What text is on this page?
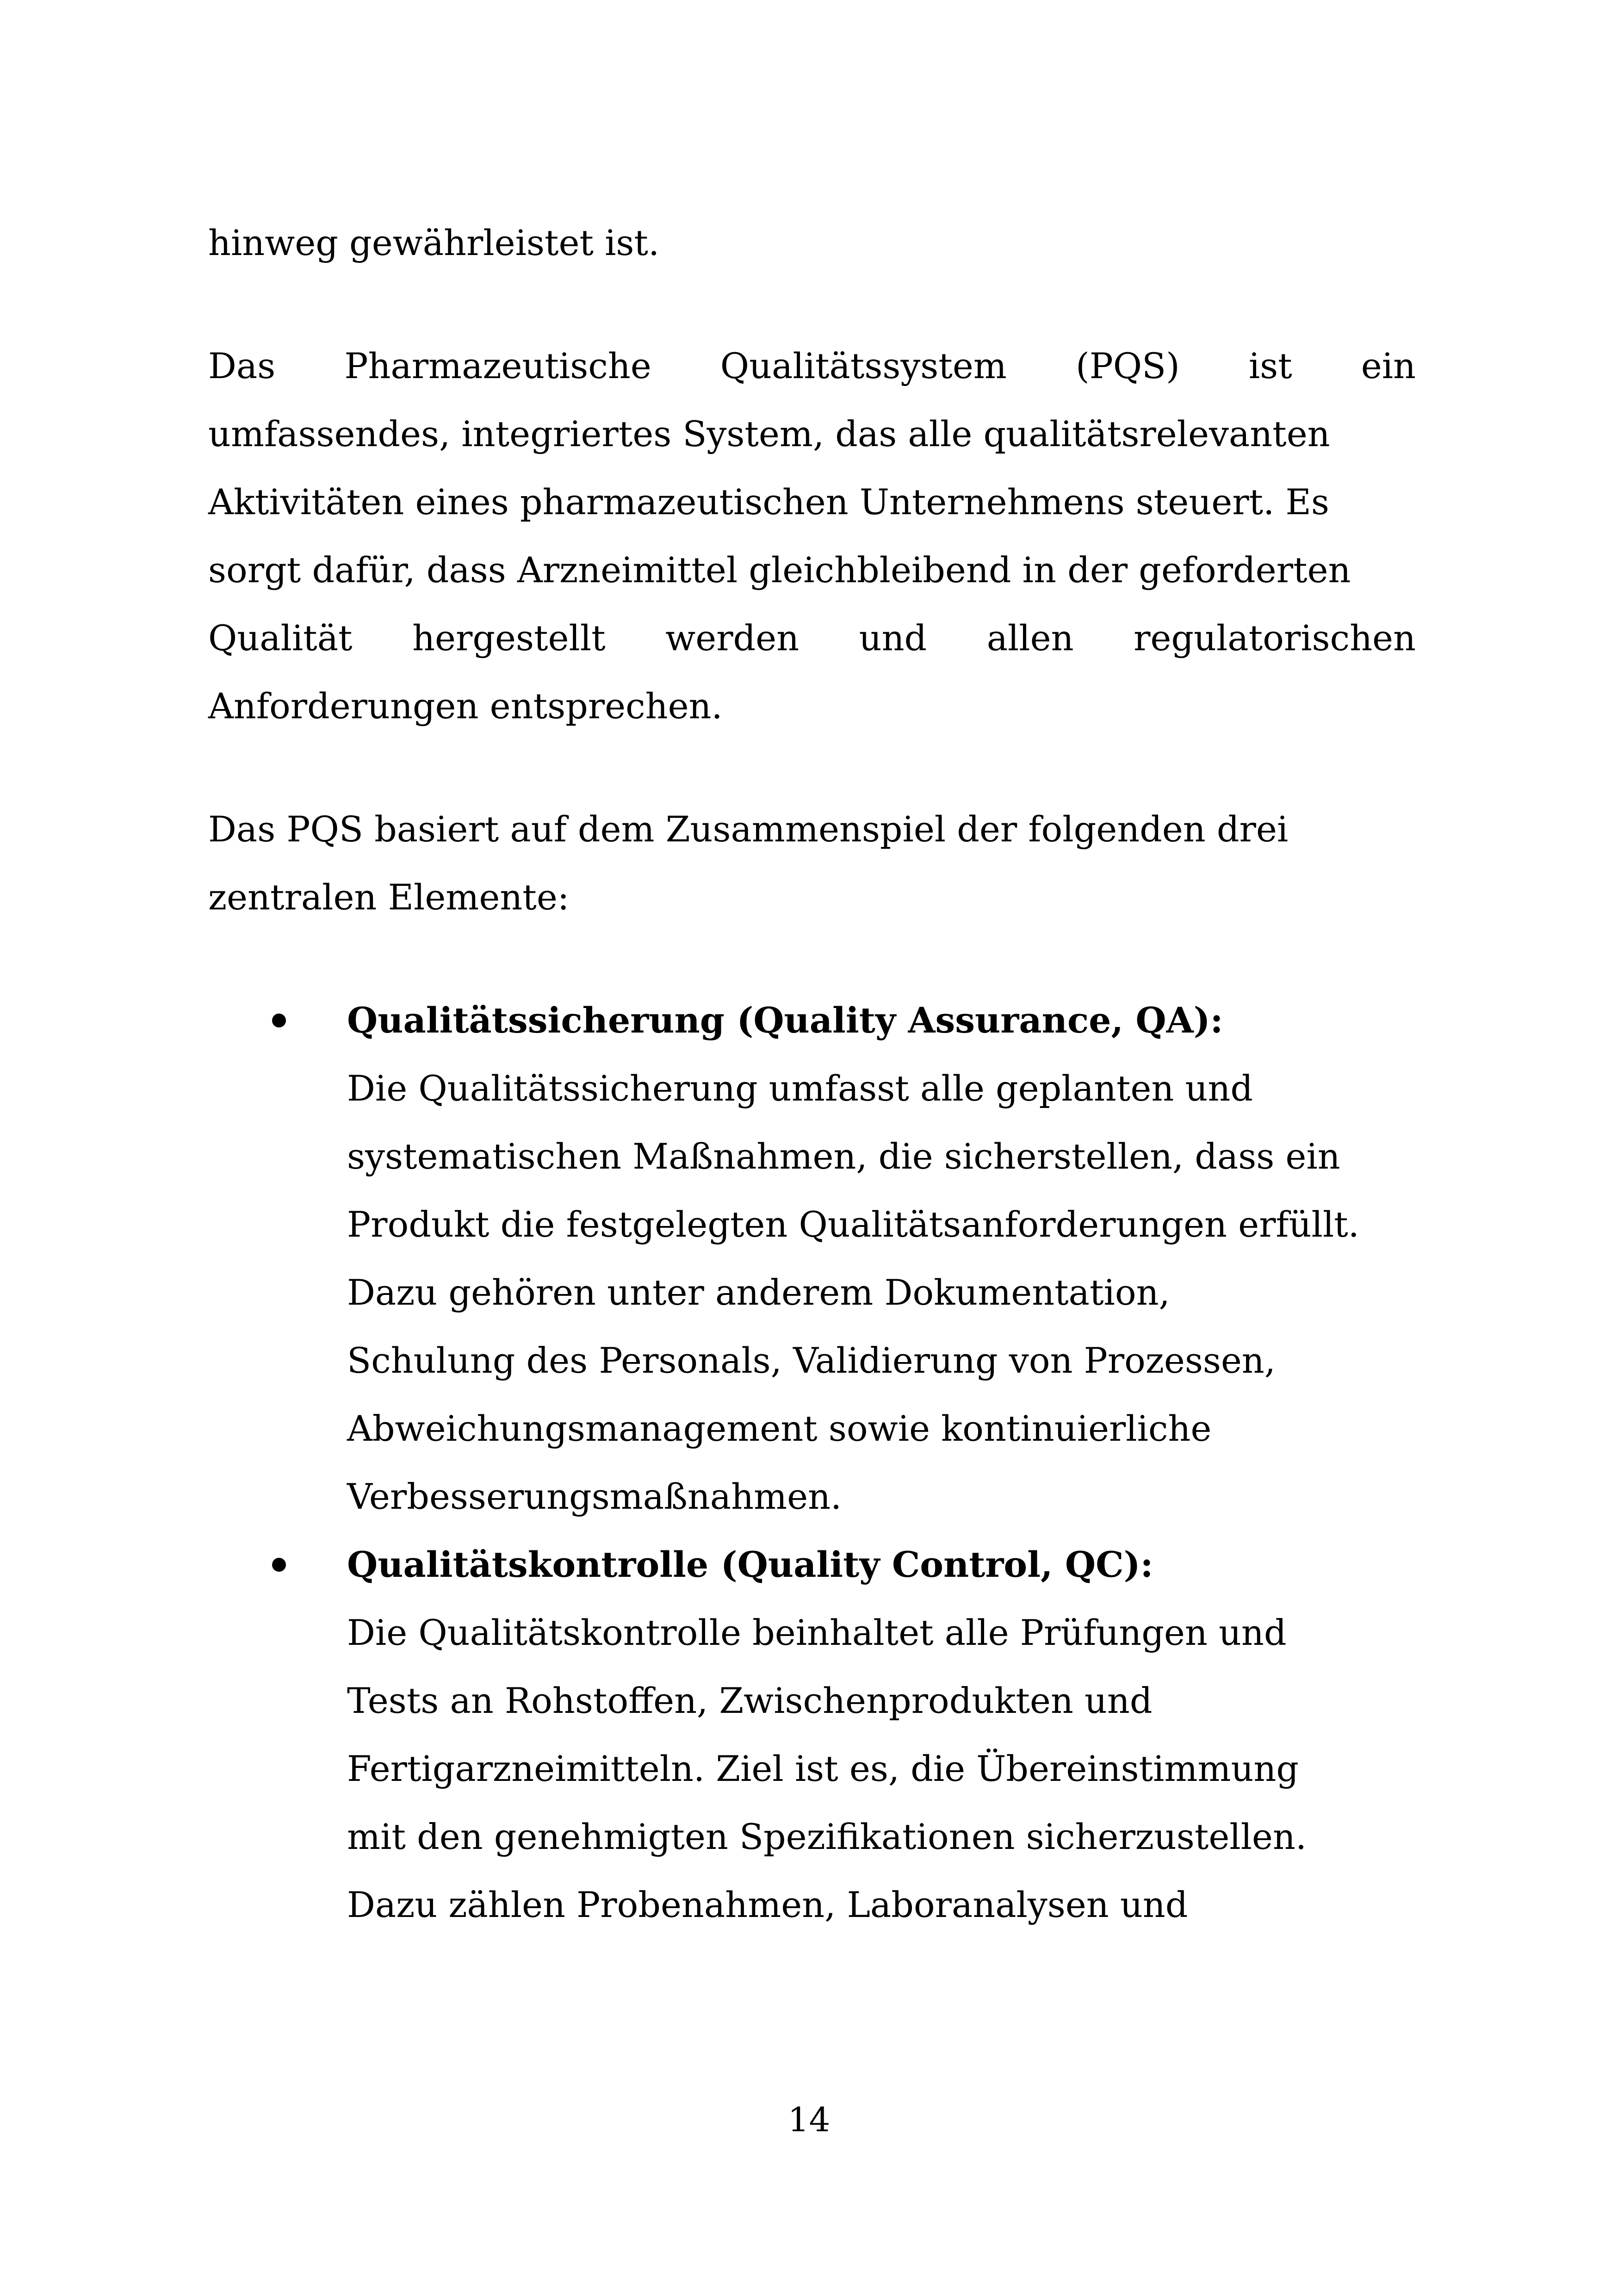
hinweg gewährleistet ist.

Das Pharmazeutische Qualitätssystem (PQS) ist ein

umfassendes, integriertes System, das alle qualitätsrelevanten

Aktivitäten eines pharmazeutischen Unternehmens steuert. Es

sorgt dafür, dass Arzneimittel gleichbleibend in der geforderten

Qualität hergestellt werden und allen regulatorischen

Anforderungen entsprechen.

Das PQS basiert auf dem Zusammenspiel der folgenden drei

zentralen Elemente:

Qualitätssicherung (Quality Assurance, QA):

Die Qualitätssicherung umfasst alle geplanten und

systematischen Maßnahmen, die sicherstellen, dass ein

Produkt die festgelegten Qualitätsanforderungen erfüllt.

Dazu gehören unter anderem Dokumentation,

Schulung des Personals, Validierung von Prozessen,

Abweichungsmanagement sowie kontinuierliche

Verbesserungsmaßnahmen.

Qualitätskontrolle (Quality Control, QC):

Die Qualitätskontrolle beinhaltet alle Prüfungen und

Tests an Rohstoffen, Zwischenprodukten und

Fertigarzneimitteln. Ziel ist es, die Übereinstimmung

mit den genehmigten Spezifikationen sicherzustellen.

Dazu zählen Probenahmen, Laboranalysen und

14
